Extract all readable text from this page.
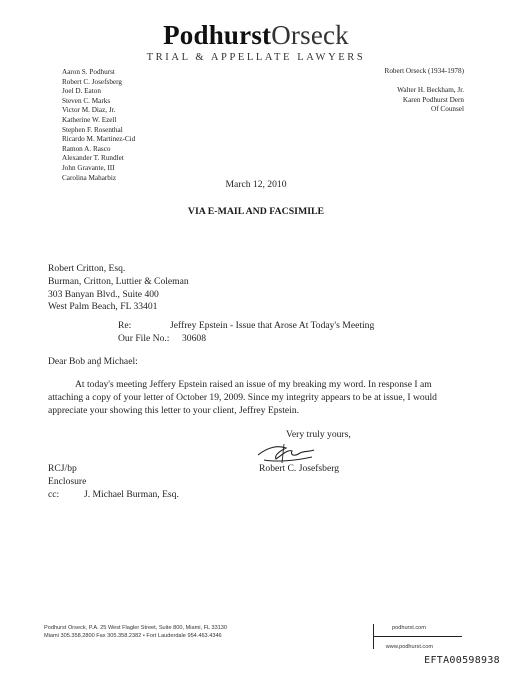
PodhurstOrseck
TRIAL & APPELLATE LAWYERS
Aaron S. Podhurst
Robert C. Josefsberg
Joel D. Eaton
Steven C. Marks
Victor M. Diaz, Jr.
Katherine W. Ezell
Stephen F. Rosenthal
Ricardo M. Martinez-Cid
Ramon A. Rasco
Alexander T. Rundlet
John Gravante, III
Carolina Maharbiz
Robert Orseck (1934-1978)
Walter H. Beckham, Jr.
Karen Podhurst Dern
Of Counsel
March 12, 2010
VIA E-MAIL AND FACSIMILE
Robert Critton, Esq.
Burman, Critton, Luttier & Coleman
303 Banyan Blvd., Suite 400
West Palm Beach, FL 33401
Re:	Jeffrey Epstein - Issue that Arose At Today's Meeting
Our File No.: 30608
Dear Bob and Michael:
At today's meeting Jeffery Epstein raised an issue of my breaking my word. In response I am attaching a copy of your letter of October 19, 2009. Since my integrity appears to be at issue, I would appreciate your showing this letter to your client, Jeffrey Epstein.
Very truly yours,
Robert C. Josefsberg
RCJ/bp
Enclosure
cc:	J. Michael Burman, Esq.
Podhurst Orseck, P.A. 25 West Flagler Street, Suite 800, Miami, FL 33130
Miami 305.358.2800 Fax 305.358.2382 • Fort Lauderdale 954.463.4346
podhurst.com
www.podhurst.com
EFTA00598938
